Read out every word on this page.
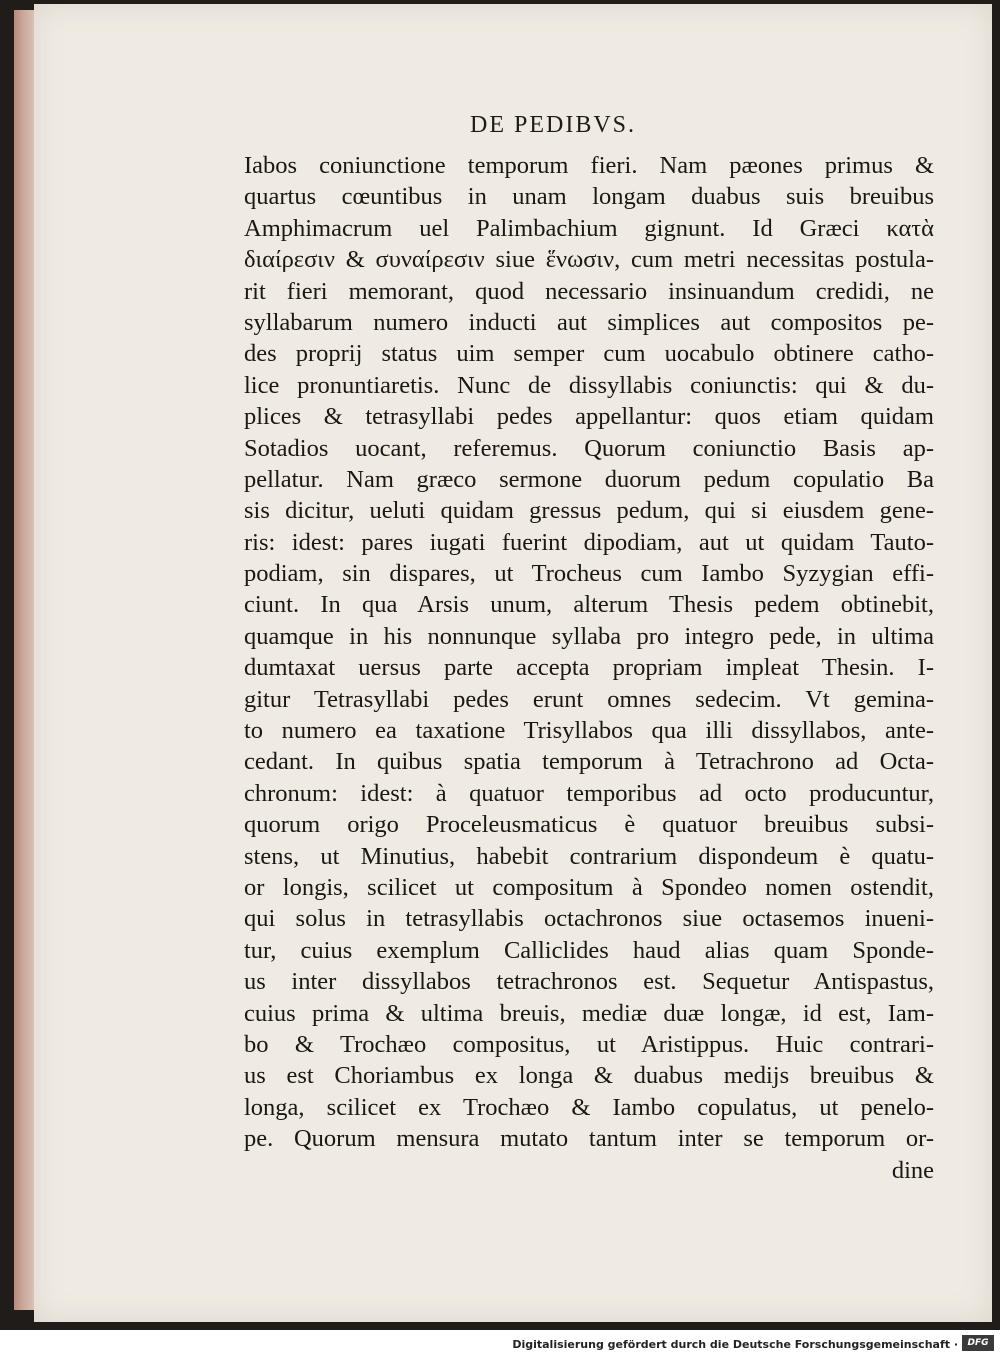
DE PEDIBVS.
Iabos coniunctione temporum fieri. Nam pæones primus &
quartus cœuntibus in unam longam duabus suis breuibus
Amphimacrum uel Palimbachium gignunt. Id Græci κατὰ
διαίρεσιν & συναίρεσιν siue ἕνωσιν, cum metri necessitas postula-
rit fieri memorant, quod necessario insinuandum credidi, ne
syllabarum numero inducti aut simplices aut compositos pe-
des proprij status uim semper cum uocabulo obtinere catho-
lice pronuntiaretis. Nunc de dissyllabis coniunctis: qui & du-
plices & tetrasyllabi pedes appellantur: quos etiam quidam
Sotadios uocant, referemus. Quorum coniunctio Basis ap-
pellatur. Nam græco sermone duorum pedum copulatio Ba
sis dicitur, ueluti quidam gressus pedum, qui si eiusdem gene-
ris: idest: pares iugati fuerint dipodiam, aut ut quidam Tauto-
podiam, sin dispares, ut Trocheus cum Iambo Syzygian effi-
ciunt. In qua Arsis unum, alterum Thesis pedem obtinebit,
quamque in his nonnunque syllaba pro integro pede, in ultima
dumtaxat uersus parte accepta propriam impleat Thesin. I-
gitur Tetrasyllabi pedes erunt omnes sedecim. Vt gemina-
to numero ea taxatione Trisyllabos qua illi dissyllabos, ante-
cedant. In quibus spatia temporum à Tetrachrono ad Octa-
chronum: idest: à quatuor temporibus ad octo producuntur,
quorum origo Proceleusmaticus è quatuor breuibus subsi-
stens, ut Minutius, habebit contrarium dispondeum è quatu-
or longis, scilicet ut compositum à Spondeo nomen ostendit,
qui solus in tetrasyllabis octachronos siue octasemos inueni-
tur, cuius exemplum Calliclides haud alias quam Sponde-
us inter dissyllabos tetrachronos est. Sequetur Antispastus,
cuius prima & ultima breuis, mediæ duæ longæ, id est, Iam-
bo & Trochæo compositus, ut Aristippus. Huic contrari-
us est Choriambus ex longa & duabus medijs breuibus &
longa, scilicet ex Trochæo & Iambo copulatus, ut penelo-
pe. Quorum mensura mutato tantum inter se temporum or-
dine
Digitalisierung gefördert durch die Deutsche Forschungsgemeinschaft ·	DFG
